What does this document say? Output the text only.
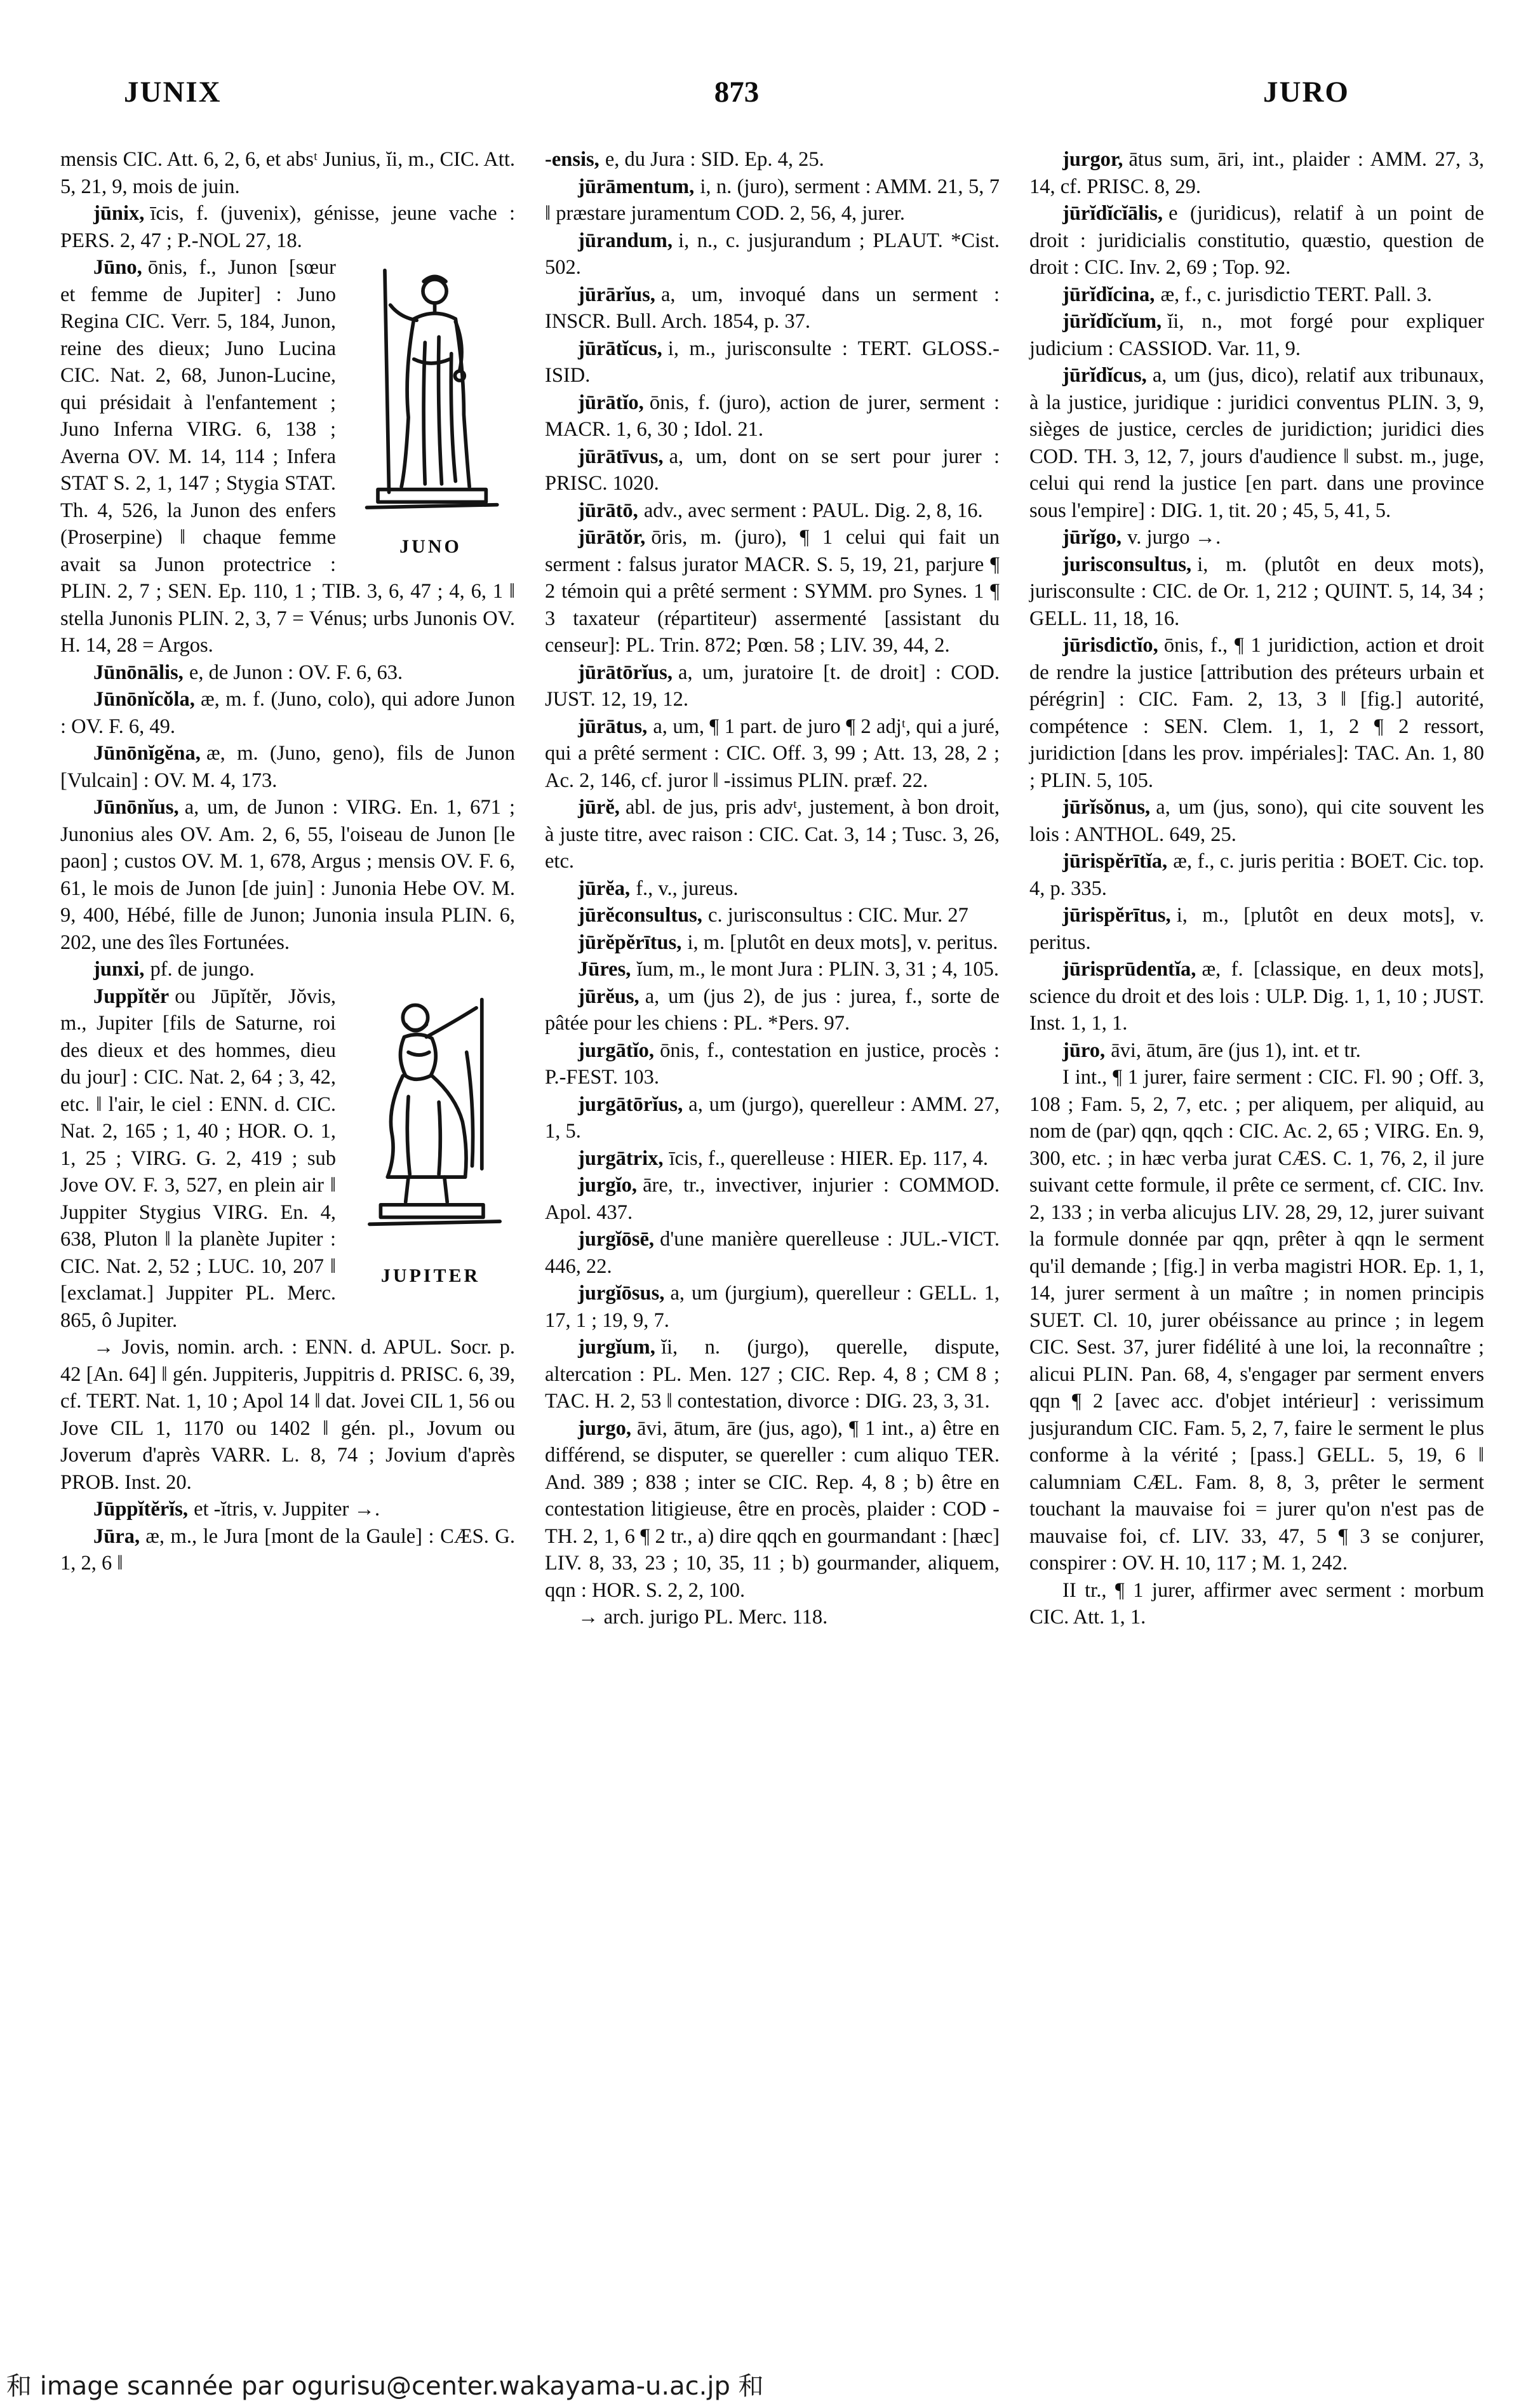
JUNIX	873	JURO

mensis CIC. Att. 6, 2, 6, et absᵗ Junius, ĭi, m., CIC. Att. 5, 21, 9, mois de juin.

jūnix, īcis, f. (juvenix), génisse, jeune vache : PERS. 2, 47 ; P.-NOL 27, 18.

JUNO

Jūno, ōnis, f., Junon [sœur et femme de Jupiter] : Juno Regina CIC. Verr. 5, 184, Junon, reine des dieux; Juno Lucina CIC. Nat. 2, 68, Junon-Lucine, qui présidait à l'enfantement ; Juno Inferna VIRG. 6, 138 ; Averna OV. M. 14, 114 ; Infera STAT S. 2, 1, 147 ; Stygia STAT. Th. 4, 526, la Junon des enfers (Proserpine) ‖ chaque femme avait sa Junon protectrice : PLIN. 2, 7 ; SEN. Ep. 110, 1 ; TIB. 3, 6, 47 ; 4, 6, 1 ‖ stella Junonis PLIN. 2, 3, 7 = Vénus; urbs Junonis OV. H. 14, 28 = Argos.

Jūnōnālis, e, de Junon : OV. F. 6, 63.

Jūnōnĭcŏla, æ, m. f. (Juno, colo), qui adore Junon : OV. F. 6, 49.

Jūnōnĭgĕna, æ, m. (Juno, geno), fils de Junon [Vulcain] : OV. M. 4, 173.

Jūnōnĭus, a, um, de Junon : VIRG. En. 1, 671 ; Junonius ales OV. Am. 2, 6, 55, l'oiseau de Junon [le paon] ; custos OV. M. 1, 678, Argus ; mensis OV. F. 6, 61, le mois de Junon [de juin] : Junonia Hebe OV. M. 9, 400, Hébé, fille de Junon; Junonia insula PLIN. 6, 202, une des îles Fortunées.

junxi, pf. de jungo.

JUPITER

Juppĭtĕr ou Jūpĭtĕr, Jŏvis, m., Jupiter [fils de Saturne, roi des dieux et des hommes, dieu du jour] : CIC. Nat. 2, 64 ; 3, 42, etc. ‖ l'air, le ciel : ENN. d. CIC. Nat. 2, 165 ; 1, 40 ; HOR. O. 1, 1, 25 ; VIRG. G. 2, 419 ; sub Jove OV. F. 3, 527, en plein air ‖ Juppiter Stygius VIRG. En. 4, 638, Pluton ‖ la planète Jupiter : CIC. Nat. 2, 52 ; LUC. 10, 207 ‖ [exclamat.] Juppiter PL. Merc. 865, ô Jupiter.

→ Jovis, nomin. arch. : ENN. d. APUL. Socr. p. 42 [An. 64] ‖ gén. Juppiteris, Juppitris d. PRISC. 6, 39, cf. TERT. Nat. 1, 10 ; Apol 14 ‖ dat. Jovei CIL 1, 56 ou Jove CIL 1, 1170 ou 1402 ‖ gén. pl., Jovum ou Joverum d'après VARR. L. 8, 74 ; Jovium d'après PROB. Inst. 20.

Jūppĭtĕrĭs, et -ĭtris, v. Juppiter →.

Jūra, æ, m., le Jura [mont de la Gaule] : CÆS. G. 1, 2, 6 ‖

-ensis, e, du Jura : SID. Ep. 4, 25.

jūrāmentum, i, n. (juro), serment : AMM. 21, 5, 7 ‖ præstare juramentum COD. 2, 56, 4, jurer.

jūrandum, i, n., c. jusjurandum ; PLAUT. *Cist. 502.

jūrārĭus, a, um, invoqué dans un serment : INSCR. Bull. Arch. 1854, p. 37.

jūrātĭcus, i, m., jurisconsulte : TERT. GLOSS.-ISID.

jūrātĭo, ōnis, f. (juro), action de jurer, serment : MACR. 1, 6, 30 ; Idol. 21.

jūrātīvus, a, um, dont on se sert pour jurer : PRISC. 1020.

jūrātō, adv., avec serment : PAUL. Dig. 2, 8, 16.

jūrātŏr, ōris, m. (juro), ¶ 1 celui qui fait un serment : falsus jurator MACR. S. 5, 19, 21, parjure ¶ 2 témoin qui a prêté serment : SYMM. pro Synes. 1 ¶ 3 taxateur (répartiteur) assermenté [assistant du censeur]: PL. Trin. 872; Pœn. 58 ; LIV. 39, 44, 2.

jūrātōrĭus, a, um, juratoire [t. de droit] : COD. JUST. 12, 19, 12.

jūrātus, a, um, ¶ 1 part. de juro ¶ 2 adjᵗ, qui a juré, qui a prêté serment : CIC. Off. 3, 99 ; Att. 13, 28, 2 ; Ac. 2, 146, cf. juror ‖ -issimus PLIN. præf. 22.

jūrĕ, abl. de jus, pris advᵗ, justement, à bon droit, à juste titre, avec raison : CIC. Cat. 3, 14 ; Tusc. 3, 26, etc.

jūrĕa, f., v., jureus.

jūrĕconsultus, c. jurisconsultus : CIC. Mur. 27

jūrĕpĕrītus, i, m. [plutôt en deux mots], v. peritus.

Jūres, ĭum, m., le mont Jura : PLIN. 3, 31 ; 4, 105.

jūrĕus, a, um (jus 2), de jus : jurea, f., sorte de pâtée pour les chiens : PL. *Pers. 97.

jurgātĭo, ōnis, f., contestation en justice, procès : P.-FEST. 103.

jurgātōrĭus, a, um (jurgo), querelleur : AMM. 27, 1, 5.

jurgātrix, īcis, f., querelleuse : HIER. Ep. 117, 4.

jurgĭo, āre, tr., invectiver, injurier : COMMOD. Apol. 437.

jurgĭōsē, d'une manière querelleuse : JUL.-VICT. 446, 22.

jurgĭōsus, a, um (jurgium), querelleur : GELL. 1, 17, 1 ; 19, 9, 7.

jurgĭum, ĭi, n. (jurgo), querelle, dispute, altercation : PL. Men. 127 ; CIC. Rep. 4, 8 ; CM 8 ; TAC. H. 2, 53 ‖ contestation, divorce : DIG. 23, 3, 31.

jurgo, āvi, ātum, āre (jus, ago), ¶ 1 int., a) être en différend, se disputer, se quereller : cum aliquo TER. And. 389 ; 838 ; inter se CIC. Rep. 4, 8 ; b) être en contestation litigieuse, être en procès, plaider : COD -TH. 2, 1, 6 ¶ 2 tr., a) dire qqch en gourmandant : [hæc] LIV. 8, 33, 23 ; 10, 35, 11 ; b) gourmander, aliquem, qqn : HOR. S. 2, 2, 100.

→ arch. jurigo PL. Merc. 118.

jurgor, ātus sum, āri, int., plaider : AMM. 27, 3, 14, cf. PRISC. 8, 29.

jūrĭdĭcĭālis, e (juridicus), relatif à un point de droit : juridicialis constitutio, quæstio, question de droit : CIC. Inv. 2, 69 ; Top. 92.

jūrĭdĭcina, æ, f., c. jurisdictio TERT. Pall. 3.

jūrĭdĭcĭum, ĭi, n., mot forgé pour expliquer judicium : CASSIOD. Var. 11, 9.

jūrĭdĭcus, a, um (jus, dico), relatif aux tribunaux, à la justice, juridique : juridici conventus PLIN. 3, 9, sièges de justice, cercles de juridiction; juridici dies COD. TH. 3, 12, 7, jours d'audience ‖ subst. m., juge, celui qui rend la justice [en part. dans une province sous l'empire] : DIG. 1, tit. 20 ; 45, 5, 41, 5.

jūrĭgo, v. jurgo →.

jurisconsultus, i, m. (plutôt en deux mots), jurisconsulte : CIC. de Or. 1, 212 ; QUINT. 5, 14, 34 ; GELL. 11, 18, 16.

jūrisdictĭo, ōnis, f., ¶ 1 juridiction, action et droit de rendre la justice [attribution des préteurs urbain et pérégrin] : CIC. Fam. 2, 13, 3 ‖ [fig.] autorité, compétence : SEN. Clem. 1, 1, 2 ¶ 2 ressort, juridiction [dans les prov. impériales]: TAC. An. 1, 80 ; PLIN. 5, 105.

jūrĭsŏnus, a, um (jus, sono), qui cite souvent les lois : ANTHOL. 649, 25.

jūrispĕrītĭa, æ, f., c. juris peritia : BOET. Cic. top. 4, p. 335.

jūrispĕrītus, i, m., [plutôt en deux mots], v. peritus.

jūrisprūdentĭa, æ, f. [classique, en deux mots], science du droit et des lois : ULP. Dig. 1, 1, 10 ; JUST. Inst. 1, 1, 1.

jūro, āvi, ātum, āre (jus 1), int. et tr.

I int., ¶ 1 jurer, faire serment : CIC. Fl. 90 ; Off. 3, 108 ; Fam. 5, 2, 7, etc. ; per aliquem, per aliquid, au nom de (par) qqn, qqch : CIC. Ac. 2, 65 ; VIRG. En. 9, 300, etc. ; in hæc verba jurat CÆS. C. 1, 76, 2, il jure suivant cette formule, il prête ce serment, cf. CIC. Inv. 2, 133 ; in verba alicujus LIV. 28, 29, 12, jurer suivant la formule donnée par qqn, prêter à qqn le serment qu'il demande ; [fig.] in verba magistri HOR. Ep. 1, 1, 14, jurer serment à un maître ; in nomen principis SUET. Cl. 10, jurer obéissance au prince ; in legem CIC. Sest. 37, jurer fidélité à une loi, la reconnaître ; alicui PLIN. Pan. 68, 4, s'engager par serment envers qqn ¶ 2 [avec acc. d'objet intérieur] : verissimum jusjurandum CIC. Fam. 5, 2, 7, faire le serment le plus conforme à la vérité ; [pass.] GELL. 5, 19, 6 ‖ calumniam CÆL. Fam. 8, 8, 3, prêter le serment touchant la mauvaise foi = jurer qu'on n'est pas de mauvaise foi, cf. LIV. 33, 47, 5 ¶ 3 se conjurer, conspirer : OV. H. 10, 117 ; M. 1, 242.

II tr., ¶ 1 jurer, affirmer avec serment : morbum CIC. Att. 1, 1.

和 image scannée par ogurisu@center.wakayama-u.ac.jp 和
